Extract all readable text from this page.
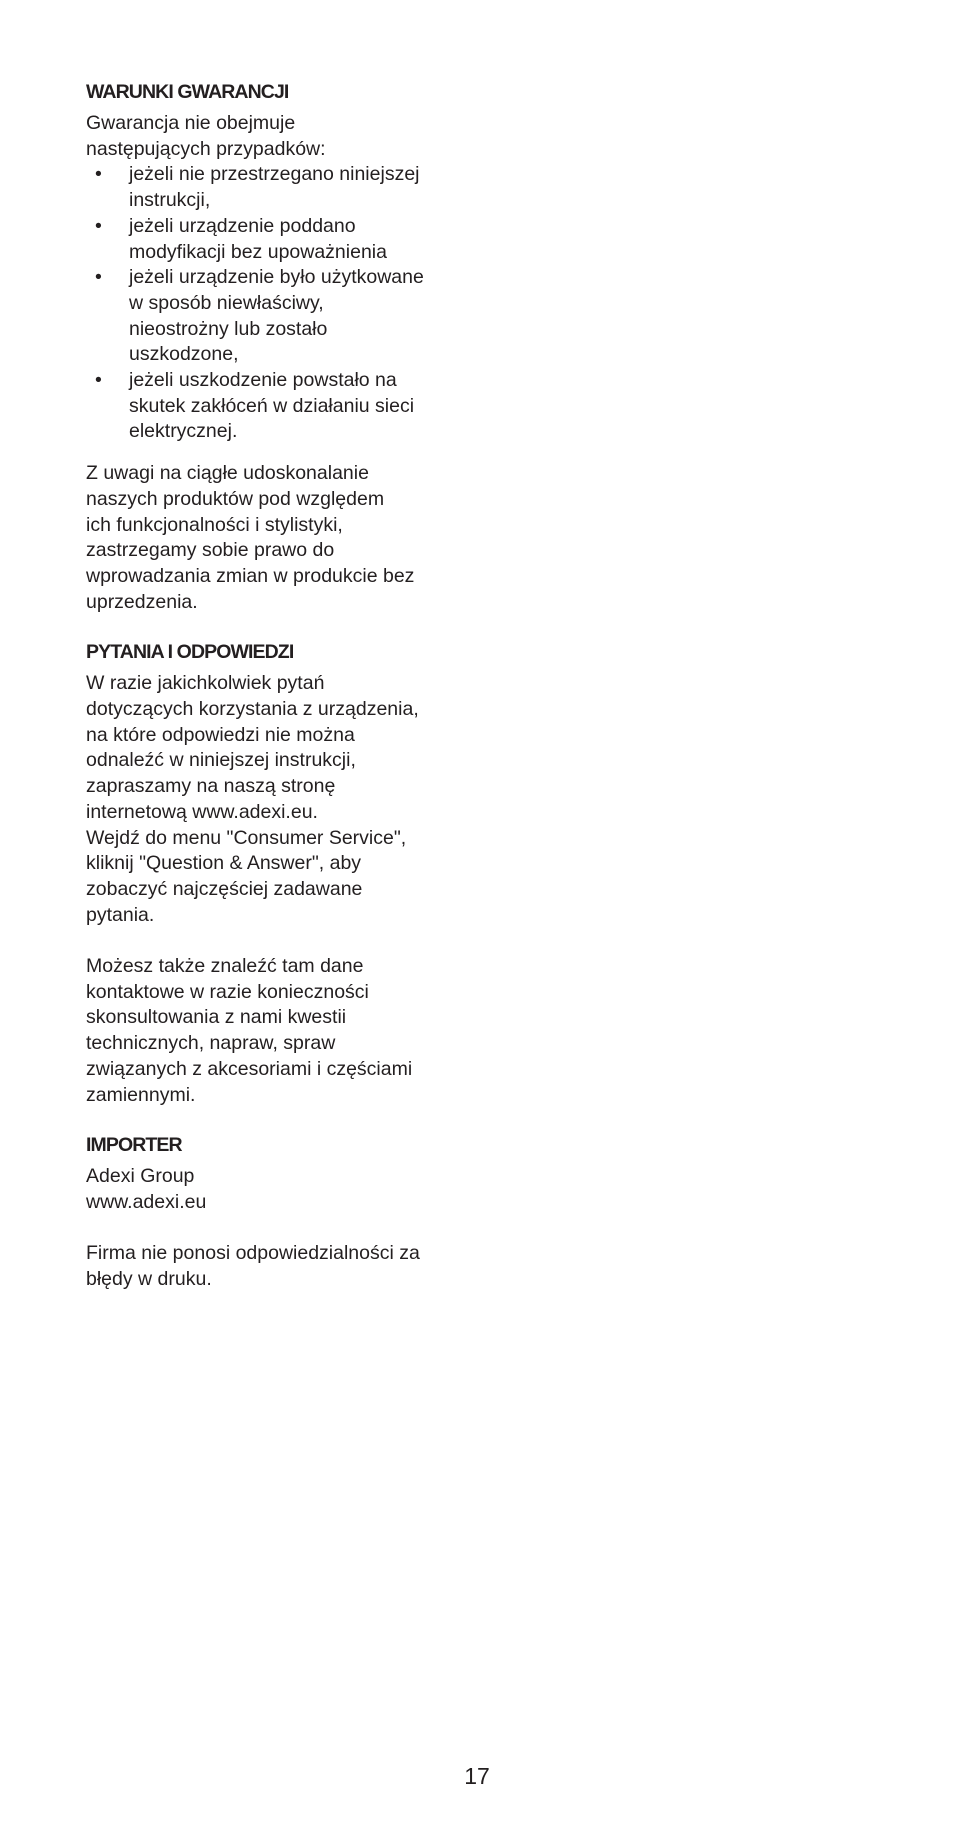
WARUNKI GWARANCJI
Gwarancja nie obejmuje
następujących przypadków:
• jeżeli nie przestrzegano niniejszej
instrukcji,
• jeżeli urządzenie poddano
modyfikacji bez upoważnienia
• jeżeli urządzenie było użytkowane
w sposób niewłaściwy,
nieostrożny lub zostało
uszkodzone,
• jeżeli uszkodzenie powstało na
skutek zakłóceń w działaniu sieci
elektrycznej.
Z uwagi na ciągłe udoskonalanie
naszych produktów pod względem
ich funkcjonalności i stylistyki,
zastrzegamy sobie prawo do
wprowadzania zmian w produkcie bez
uprzedzenia.
PYTANIA I ODPOWIEDZI
W razie jakichkolwiek pytań
dotyczących korzystania z urządzenia,
na które odpowiedzi nie można
odnaleźć w niniejszej instrukcji,
zapraszamy na naszą stronę
internetową www.adexi.eu.
Wejdź do menu "Consumer Service",
kliknij "Question & Answer", aby
zobaczyć najczęściej zadawane
pytania.
Możesz także znaleźć tam dane
kontaktowe w razie konieczności
skonsultowania z nami kwestii
technicznych, napraw, spraw
związanych z akcesoriami i częściami
zamiennymi.
IMPORTER
Adexi Group
www.adexi.eu
Firma nie ponosi odpowiedzialności za
błędy w druku.
17
